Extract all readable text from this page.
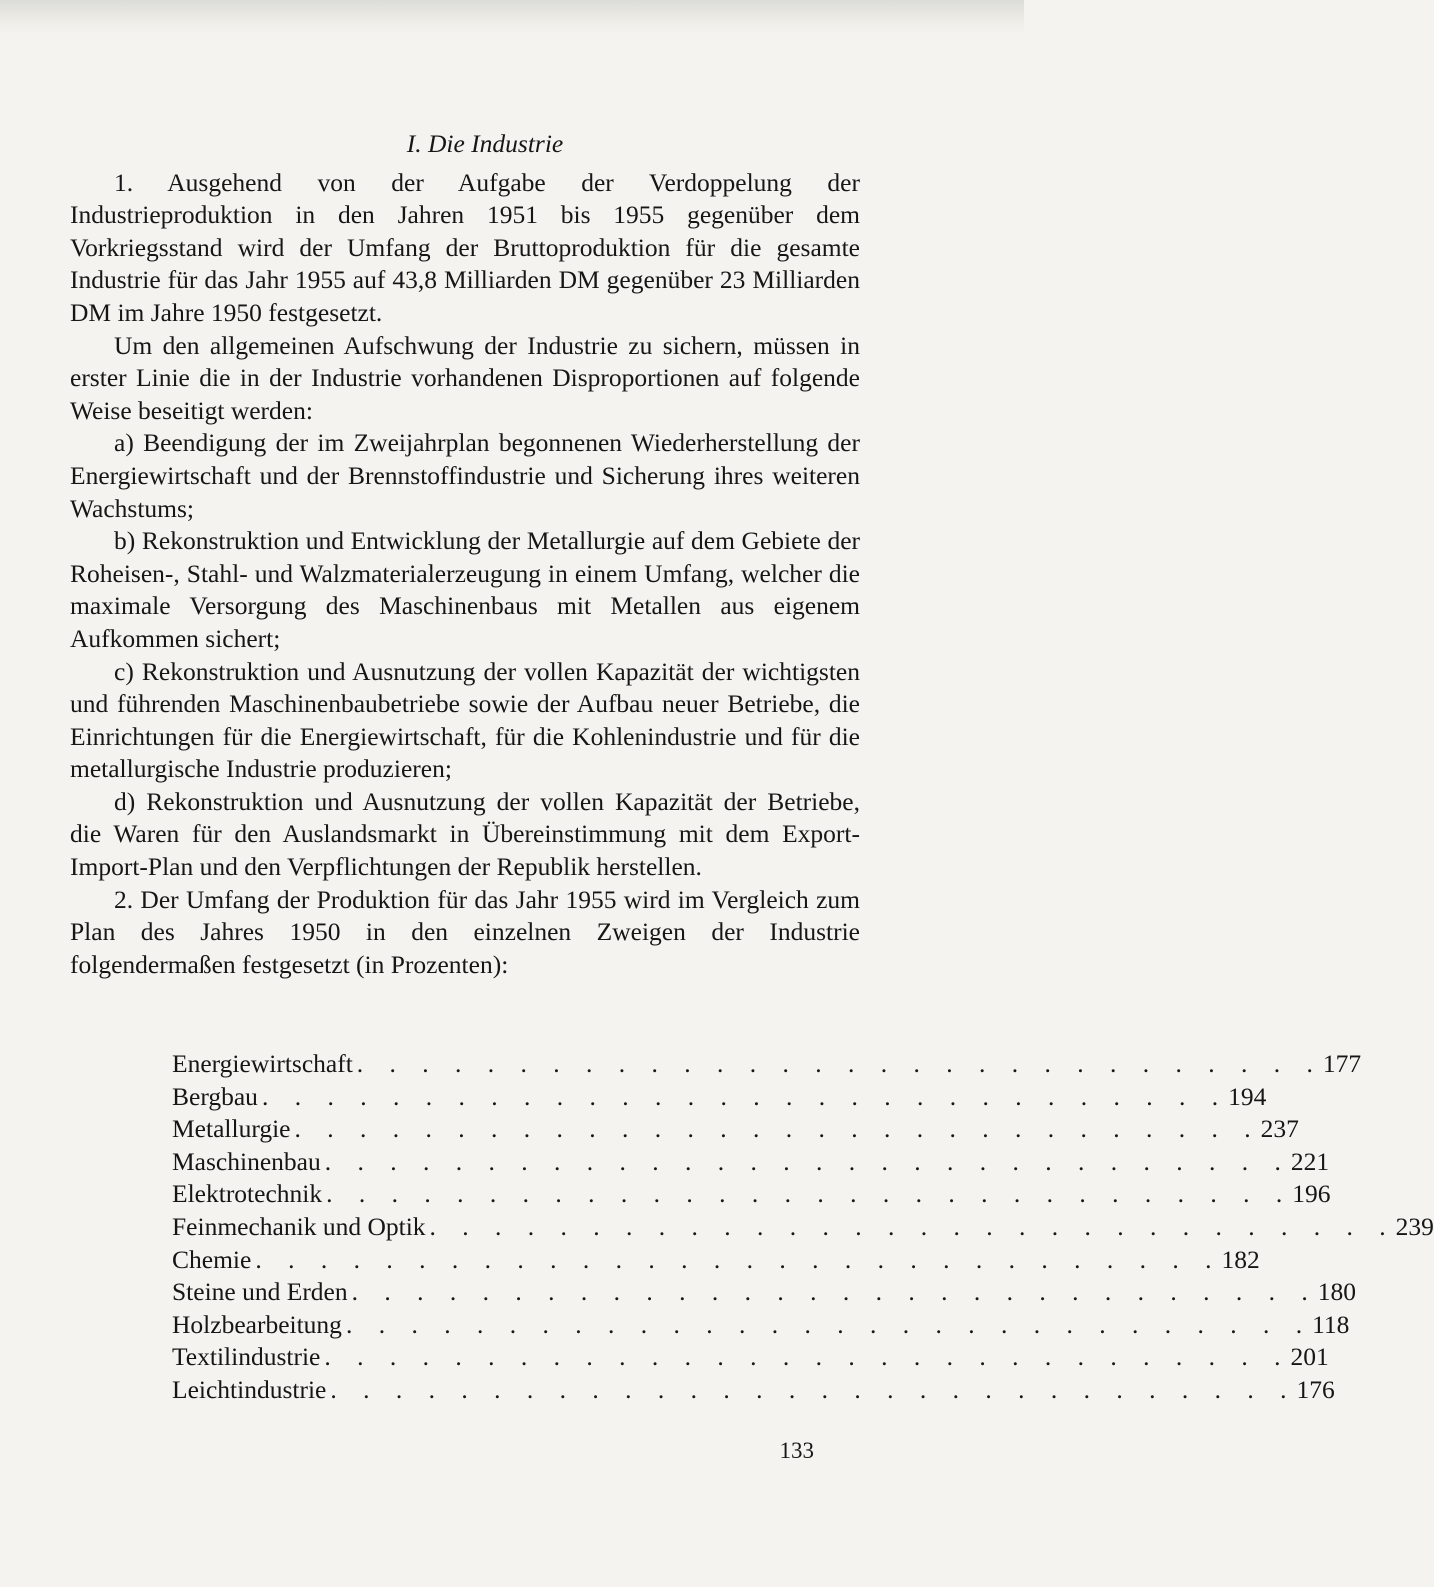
I. Die Industrie

1. Ausgehend von der Aufgabe der Verdoppelung der Industrieproduktion in den Jahren 1951 bis 1955 gegenüber dem Vorkriegsstand wird der Umfang der Bruttoproduktion für die gesamte Industrie für das Jahr 1955 auf 43,8 Milliarden DM gegenüber 23 Milliarden DM im Jahre 1950 festgesetzt.

Um den allgemeinen Aufschwung der Industrie zu sichern, müssen in erster Linie die in der Industrie vorhandenen Disproportionen auf folgende Weise beseitigt werden:

a) Beendigung der im Zweijahrplan begonnenen Wiederherstellung der Energiewirtschaft und der Brennstoffindustrie und Sicherung ihres weiteren Wachstums;

b) Rekonstruktion und Entwicklung der Metallurgie auf dem Gebiete der Roheisen-, Stahl- und Walzmaterialerzeugung in einem Umfang, welcher die maximale Versorgung des Maschinenbaus mit Metallen aus eigenem Aufkommen sichert;

c) Rekonstruktion und Ausnutzung der vollen Kapazität der wichtigsten und führenden Maschinenbaubetriebe sowie der Aufbau neuer Betriebe, die Einrichtungen für die Energiewirtschaft, für die Kohlenindustrie und für die metallurgische Industrie produzieren;

d) Rekonstruktion und Ausnutzung der vollen Kapazität der Betriebe, die Waren für den Auslandsmarkt in Übereinstimmung mit dem Export-Import-Plan und den Verpflichtungen der Republik herstellen.

2. Der Umfang der Produktion für das Jahr 1955 wird im Vergleich zum Plan des Jahres 1950 in den einzelnen Zweigen der Industrie folgendermaßen festgesetzt (in Prozenten):

Energiewirtschaft . . . . . . . . . . . . . . . . . . . . . . . . . . . . . . 177
Bergbau . . . . . . . . . . . . . . . . . . . . . . . . . . . . . . 194
Metallurgie . . . . . . . . . . . . . . . . . . . . . . . . . . . . . . 237
Maschinenbau . . . . . . . . . . . . . . . . . . . . . . . . . . . . . . 221
Elektrotechnik . . . . . . . . . . . . . . . . . . . . . . . . . . . . . . 196
Feinmechanik und Optik . . . . . . . . . . . . . . . . . . . . . . . . . . . . . . 239
Chemie . . . . . . . . . . . . . . . . . . . . . . . . . . . . . . 182
Steine und Erden . . . . . . . . . . . . . . . . . . . . . . . . . . . . . . 180
Holzbearbeitung . . . . . . . . . . . . . . . . . . . . . . . . . . . . . . 118
Textilindustrie . . . . . . . . . . . . . . . . . . . . . . . . . . . . . . 201
Leichtindustrie . . . . . . . . . . . . . . . . . . . . . . . . . . . . . . 176
133
